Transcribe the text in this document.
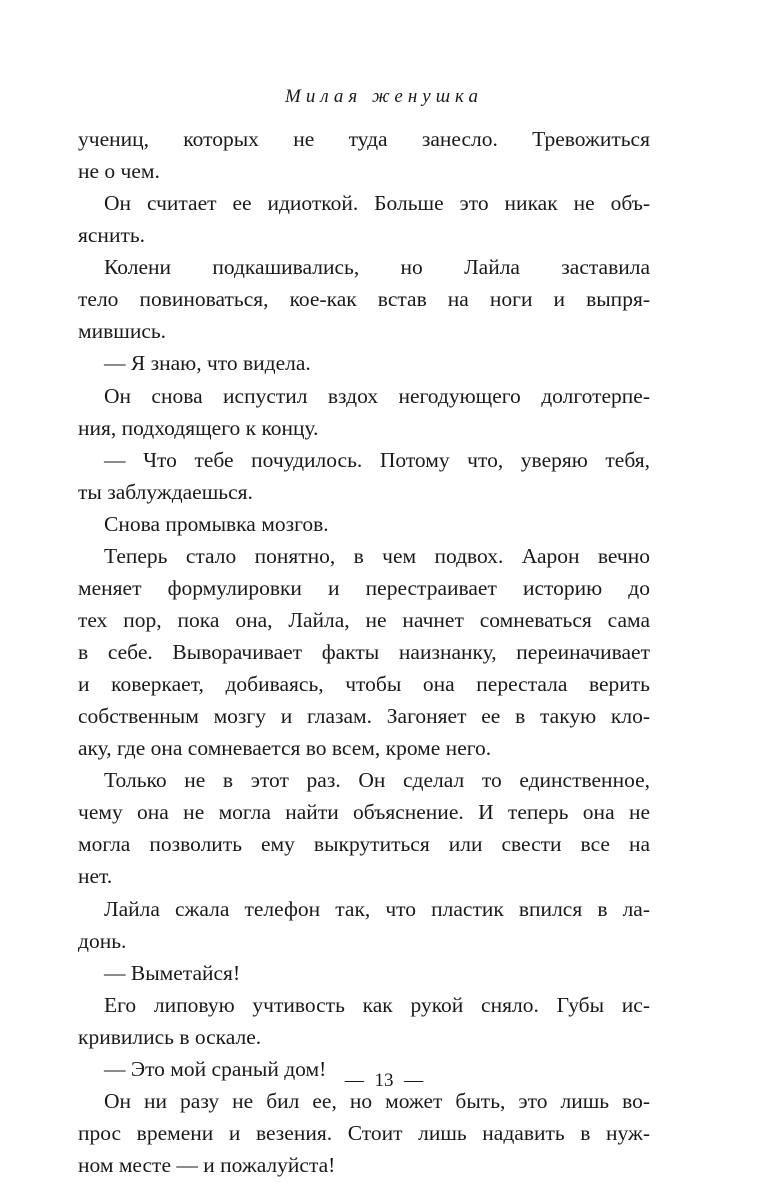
Милая женушка
учениц, которых не туда занесло. Тревожиться
не о чем.
Он считает ее идиоткой. Больше это никак не объ-
яснить.
Колени подкашивались, но Лайла заставила
тело повиноваться, кое-как встав на ноги и выпря-
мившись.
— Я знаю, что видела.
Он снова испустил вздох негодующего долготерпе-
ния, подходящего к концу.
— Что тебе почудилось. Потому что, уверяю тебя,
ты заблуждаешься.
Снова промывка мозгов.
Теперь стало понятно, в чем подвох. Аарон вечно
меняет формулировки и перестраивает историю до
тех пор, пока она, Лайла, не начнет сомневаться сама
в себе. Выворачивает факты наизнанку, переиначивает
и коверкает, добиваясь, чтобы она перестала верить
собственным мозгу и глазам. Загоняет ее в такую кло-
аку, где она сомневается во всем, кроме него.
Только не в этот раз. Он сделал то единственное,
чему она не могла найти объяснение. И теперь она не
могла позволить ему выкрутиться или свести все на
нет.
Лайла сжала телефон так, что пластик впился в ла-
донь.
— Выметайся!
Его липовую учтивость как рукой сняло. Губы ис-
кривились в оскале.
— Это мой сраный дом!
Он ни разу не бил ее, но может быть, это лишь во-
прос времени и везения. Стоит лишь надавить в нуж-
ном месте — и пожалуйста!
— 13 —
